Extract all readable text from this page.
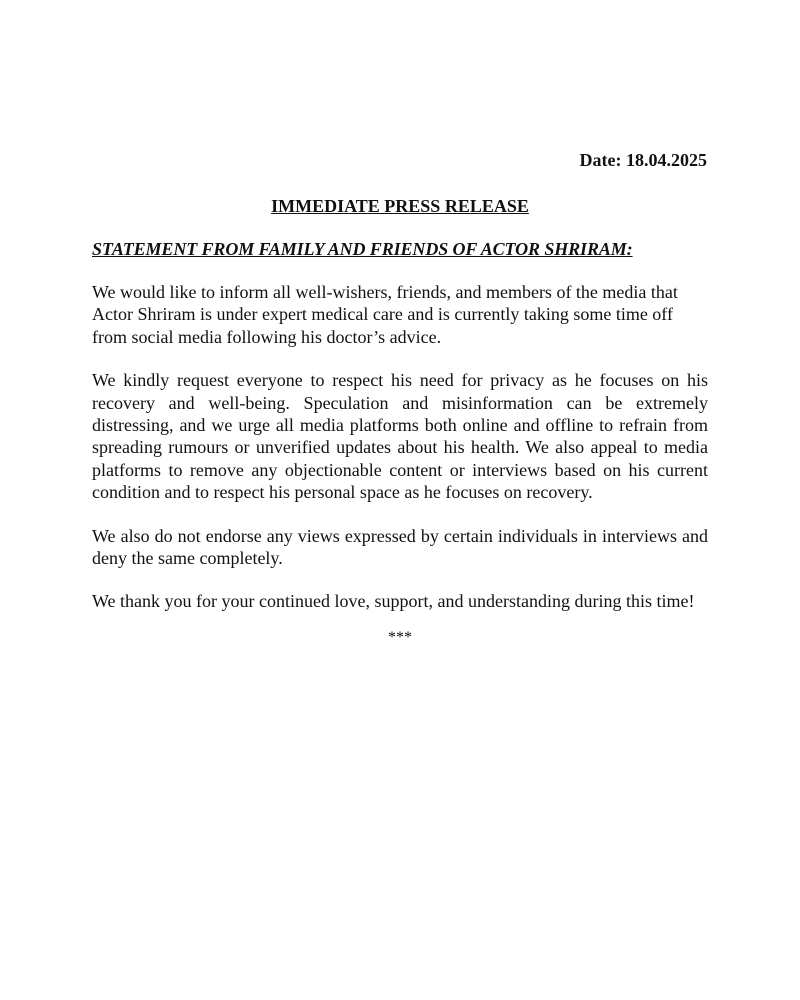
Date: 18.04.2025
IMMEDIATE PRESS RELEASE
STATEMENT FROM FAMILY AND FRIENDS OF ACTOR SHRIRAM:

We would like to inform all well-wishers, friends, and members of the media that Actor Shriram is under expert medical care and is currently taking some time off from social media following his doctor’s advice.

We kindly request everyone to respect his need for privacy as he focuses on his recovery and well-being. Speculation and misinformation can be extremely distressing, and we urge all media platforms both online and offline to refrain from spreading rumours or unverified updates about his health. We also appeal to media platforms to remove any objectionable content or interviews based on his current condition and to respect his personal space as he focuses on recovery.

We also do not endorse any views expressed by certain individuals in interviews and deny the same completely.

We thank you for your continued love, support, and understanding during this time!

***
